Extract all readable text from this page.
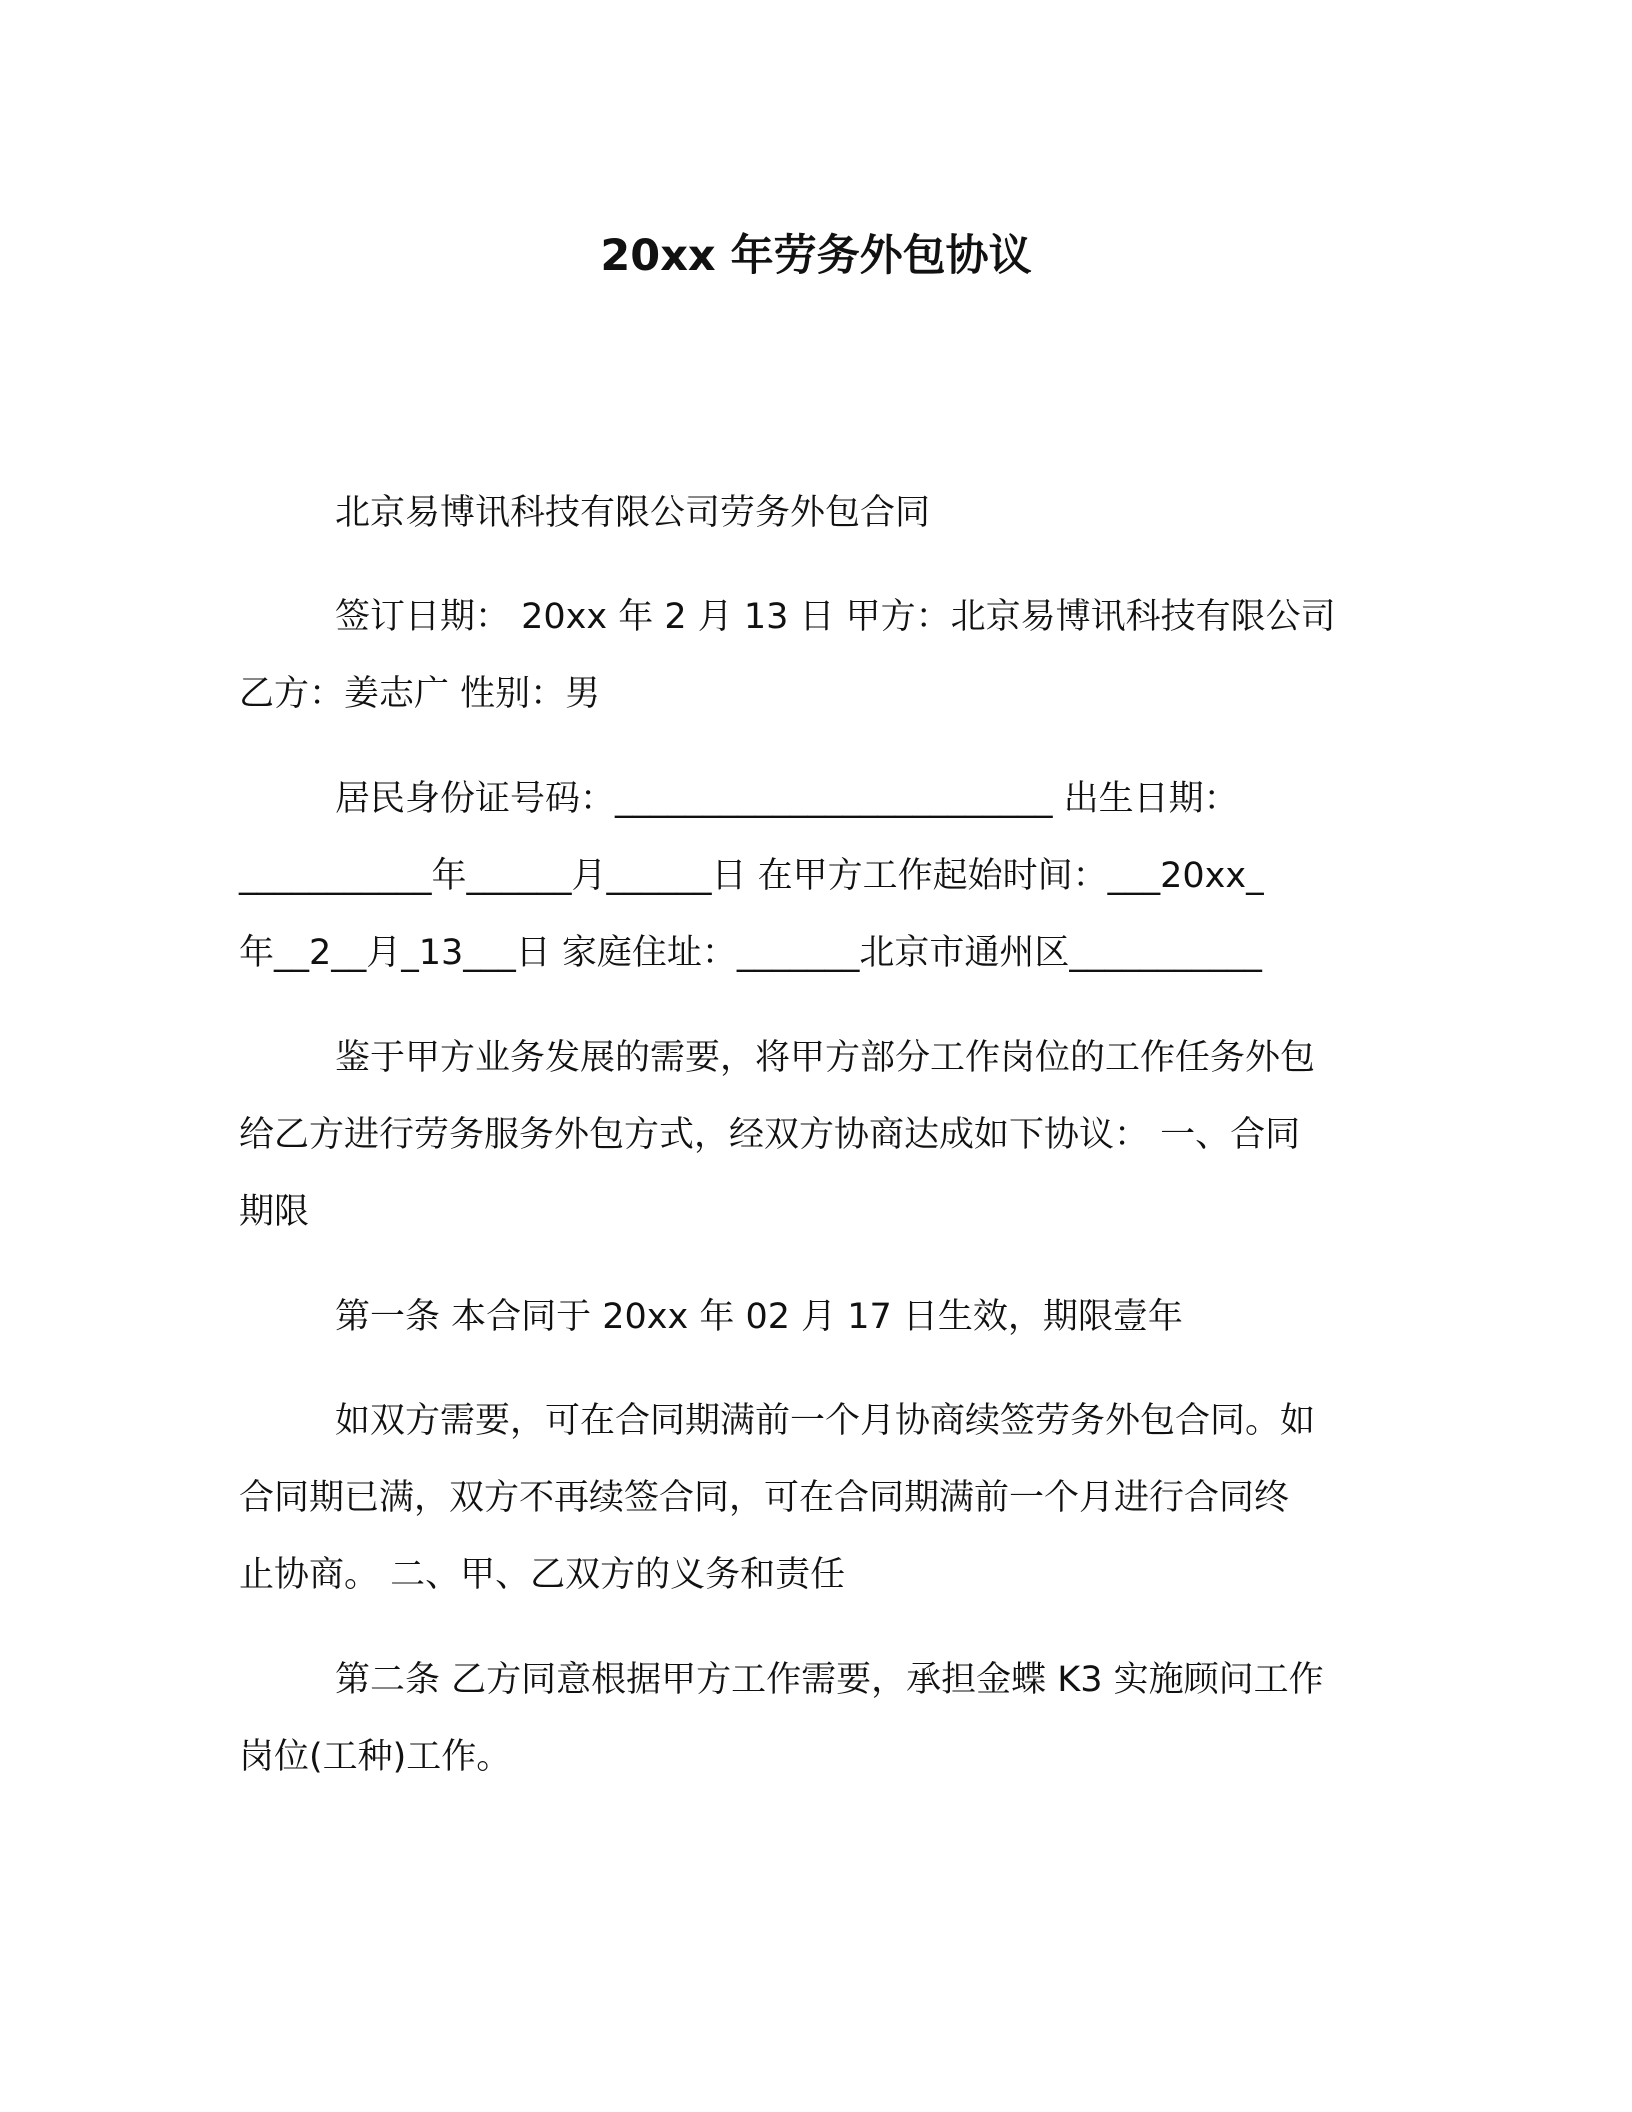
20xx 年劳务外包协议
北京易博讯科技有限公司劳务外包合同
签订日期： 20xx 年 2 月 13 日 甲方：北京易博讯科技有限公司
乙方：姜志广 性别：男
居民身份证号码：_________________________ 出生日期：
___________年______月______日 在甲方工作起始时间：___20xx_
年__2__月_13___日 家庭住址：_______北京市通州区___________
鉴于甲方业务发展的需要，将甲方部分工作岗位的工作任务外包
给乙方进行劳务服务外包方式，经双方协商达成如下协议： 一、合同
期限
第一条 本合同于 20xx 年 02 月 17 日生效，期限壹年
如双方需要，可在合同期满前一个月协商续签劳务外包合同。如
合同期已满，双方不再续签合同，可在合同期满前一个月进行合同终
止协商。 二、甲、乙双方的义务和责任
第二条 乙方同意根据甲方工作需要，承担金蝶 K3 实施顾问工作
岗位(工种)工作。
